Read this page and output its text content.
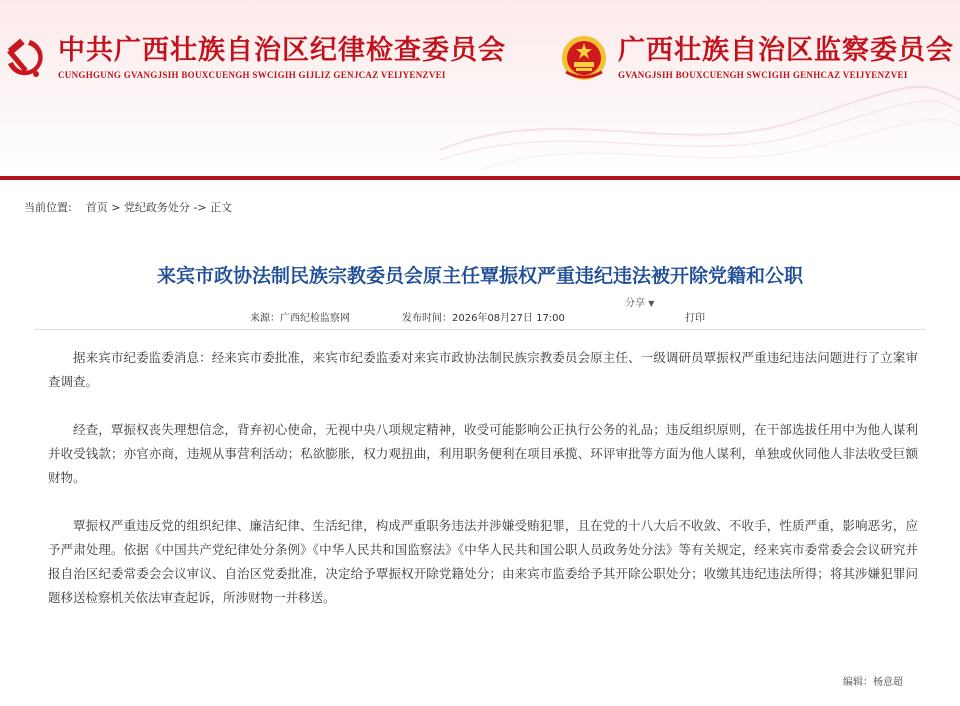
中共广西壮族自治区纪律检查委员会
CUNGHGUNG GVANGJSIH BOUXCUENGH SWCIGIH GIJLIZ GENJCAZ VEIJYENZVEI
广西壮族自治区监察委员会
GVANGJSIH BOUXCUENGH SWCIGIH GENHCAZ VEIJYENZVEI
当前位置: 首页 > 党纪政务处分 -> 正文
来宾市政协法制民族宗教委员会原主任覃振权严重违纪违法被开除党籍和公职
分享 ▼
来源：广西纪检监察网	发布时间：2026年08月27日 17:00	打印

据来宾市纪委监委消息：经来宾市委批准，来宾市纪委监委对来宾市政协法制民族宗教委员会原主任、一级调研员覃振权严重违纪违法问题进行了立案审查调查。

经查，覃振权丧失理想信念，背弃初心使命，无视中央八项规定精神，收受可能影响公正执行公务的礼品；违反组织原则，在干部选拔任用中为他人谋利并收受钱款；亦官亦商，违规从事营利活动；私欲膨胀，权力观扭曲，利用职务便利在项目承揽、环评审批等方面为他人谋利，单独或伙同他人非法收受巨额财物。

覃振权严重违反党的组织纪律、廉洁纪律、生活纪律，构成严重职务违法并涉嫌受贿犯罪，且在党的十八大后不收敛、不收手，性质严重，影响恶劣，应予严肃处理。依据《中国共产党纪律处分条例》《中华人民共和国监察法》《中华人民共和国公职人员政务处分法》等有关规定，经来宾市委常委会会议研究并报自治区纪委常委会会议审议、自治区党委批准，决定给予覃振权开除党籍处分；由来宾市监委给予其开除公职处分；收缴其违纪违法所得；将其涉嫌犯罪问题移送检察机关依法审查起诉，所涉财物一并移送。

编辑：杨意超
